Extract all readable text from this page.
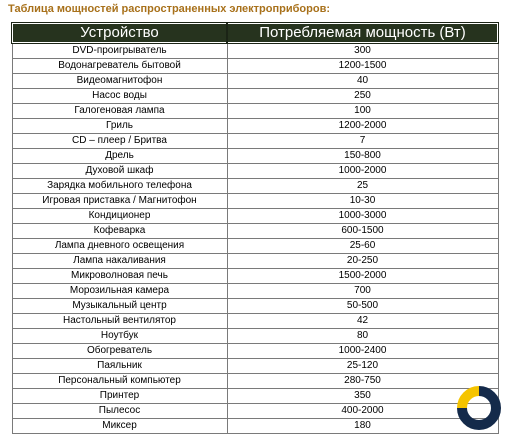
Таблица мощностей распространенных электроприборов:
Устройство	Потребляемая мощность (Вт)
DVD-проигрыватель	300
Водонагреватель бытовой	1200-1500
Видеомагнитофон	40
Насос воды	250
Галогеновая лампа	100
Гриль	1200-2000
CD – плеер / Бритва	7
Дрель	150-800
Духовой шкаф	1000-2000
Зарядка мобильного телефона	25
Игровая приставка / Магнитофон	10-30
Кондиционер	1000-3000
Кофеварка	600-1500
Лампа дневного освещения	25-60
Лампа накаливания	20-250
Микроволновая печь	1500-2000
Морозильная камера	700
Музыкальный центр	50-500
Настольный вентилятор	42
Ноутбук	80
Обогреватель	1000-2400
Паяльник	25-120
Персональный компьютер	280-750
Принтер	350
Пылесос	400-2000
Миксер	180
